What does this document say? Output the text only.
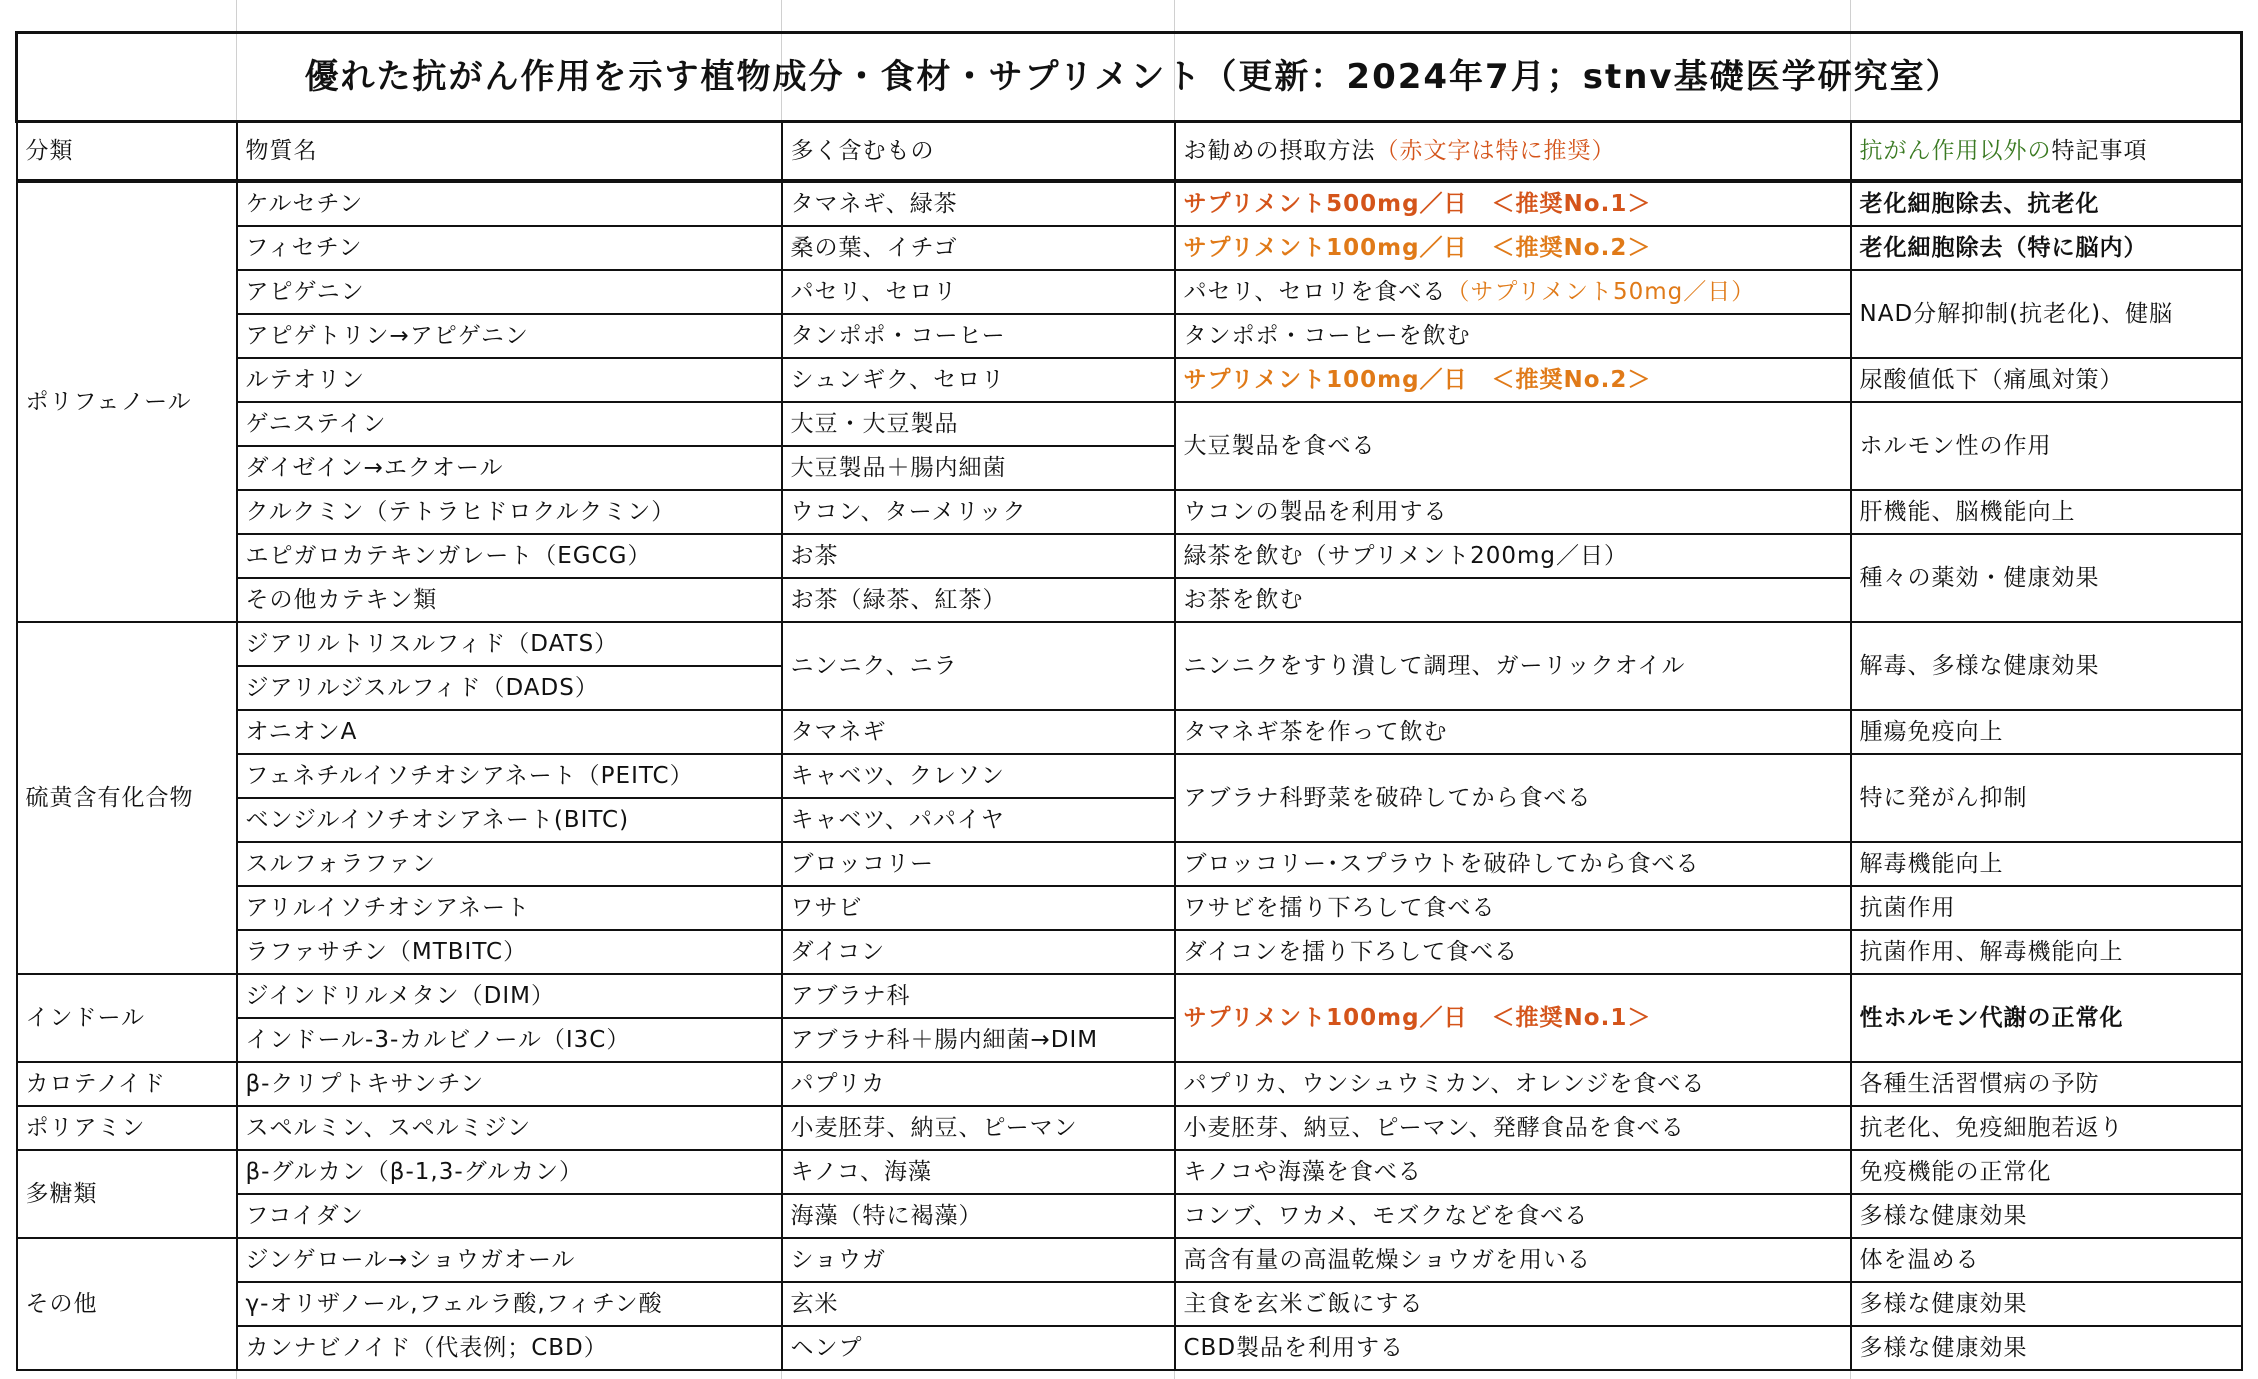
優れた抗がん作用を示す植物成分・食材・サプリメント（更新：2024年7月；stnv基礎医学研究室）				
分類	物質名	多く含むもの	お勧めの摂取方法（赤文字は特に推奨）	抗がん作用以外の特記事項
ポリフェノール	ケルセチン	タマネギ、緑茶	サプリメント500mg／日　＜推奨No.1＞	老化細胞除去、抗老化
	フィセチン	桑の葉、イチゴ	サプリメント100mg／日　＜推奨No.2＞	老化細胞除去（特に脳内）
	アピゲニン	パセリ、セロリ	パセリ、セロリを食べる（サプリメント50mg／日）	NAD分解抑制(抗老化)、健脳
	アピゲトリン→アピゲニン	タンポポ・コーヒー	タンポポ・コーヒーを飲む	
	ルテオリン	シュンギク、セロリ	サプリメント100mg／日　＜推奨No.2＞	尿酸値低下（痛風対策）
	ゲニステイン	大豆・大豆製品	大豆製品を食べる	ホルモン性の作用
	ダイゼイン→エクオール	大豆製品＋腸内細菌		
	クルクミン（テトラヒドロクルクミン）	ウコン、ターメリック	ウコンの製品を利用する	肝機能、脳機能向上
	エピガロカテキンガレート（EGCG）	お茶	緑茶を飲む（サプリメント200mg／日）	種々の薬効・健康効果
	その他カテキン類	お茶（緑茶、紅茶）	お茶を飲む	
硫黄含有化合物	ジアリルトリスルフィド（DATS）	ニンニク、ニラ	ニンニクをすり潰して調理、ガーリックオイル	解毒、多様な健康効果
	ジアリルジスルフィド（DADS）			
	オニオンA	タマネギ	タマネギ茶を作って飲む	腫瘍免疫向上
	フェネチルイソチオシアネート（PEITC）	キャベツ、クレソン	アブラナ科野菜を破砕してから食べる	特に発がん抑制
	ベンジルイソチオシアネート(BITC)	キャベツ、パパイヤ		
	スルフォラファン	ブロッコリー	ブロッコリー･スプラウトを破砕してから食べる	解毒機能向上
	アリルイソチオシアネート	ワサビ	ワサビを擂り下ろして食べる	抗菌作用
	ラファサチン（MTBITC）	ダイコン	ダイコンを擂り下ろして食べる	抗菌作用、解毒機能向上
インドール	ジインドリルメタン（DIM）	アブラナ科	サプリメント100mg／日　＜推奨No.1＞	性ホルモン代謝の正常化
	インドール-3-カルビノール（I3C）	アブラナ科＋腸内細菌→DIM		
カロテノイド	β-クリプトキサンチン	パプリカ	パプリカ、ウンシュウミカン、オレンジを食べる	各種生活習慣病の予防
ポリアミン	スペルミン、スペルミジン	小麦胚芽、納豆、ピーマン	小麦胚芽、納豆、ピーマン、発酵食品を食べる	抗老化、免疫細胞若返り
多糖類	β-グルカン（β-1,3-グルカン）	キノコ、海藻	キノコや海藻を食べる	免疫機能の正常化
	フコイダン	海藻（特に褐藻）	コンブ、ワカメ、モズクなどを食べる	多様な健康効果
その他	ジンゲロール→ショウガオール	ショウガ	高含有量の高温乾燥ショウガを用いる	体を温める
	γ-オリザノール,フェルラ酸,フィチン酸	玄米	主食を玄米ご飯にする	多様な健康効果
	カンナビノイド（代表例；CBD）	ヘンプ	CBD製品を利用する	多様な健康効果
